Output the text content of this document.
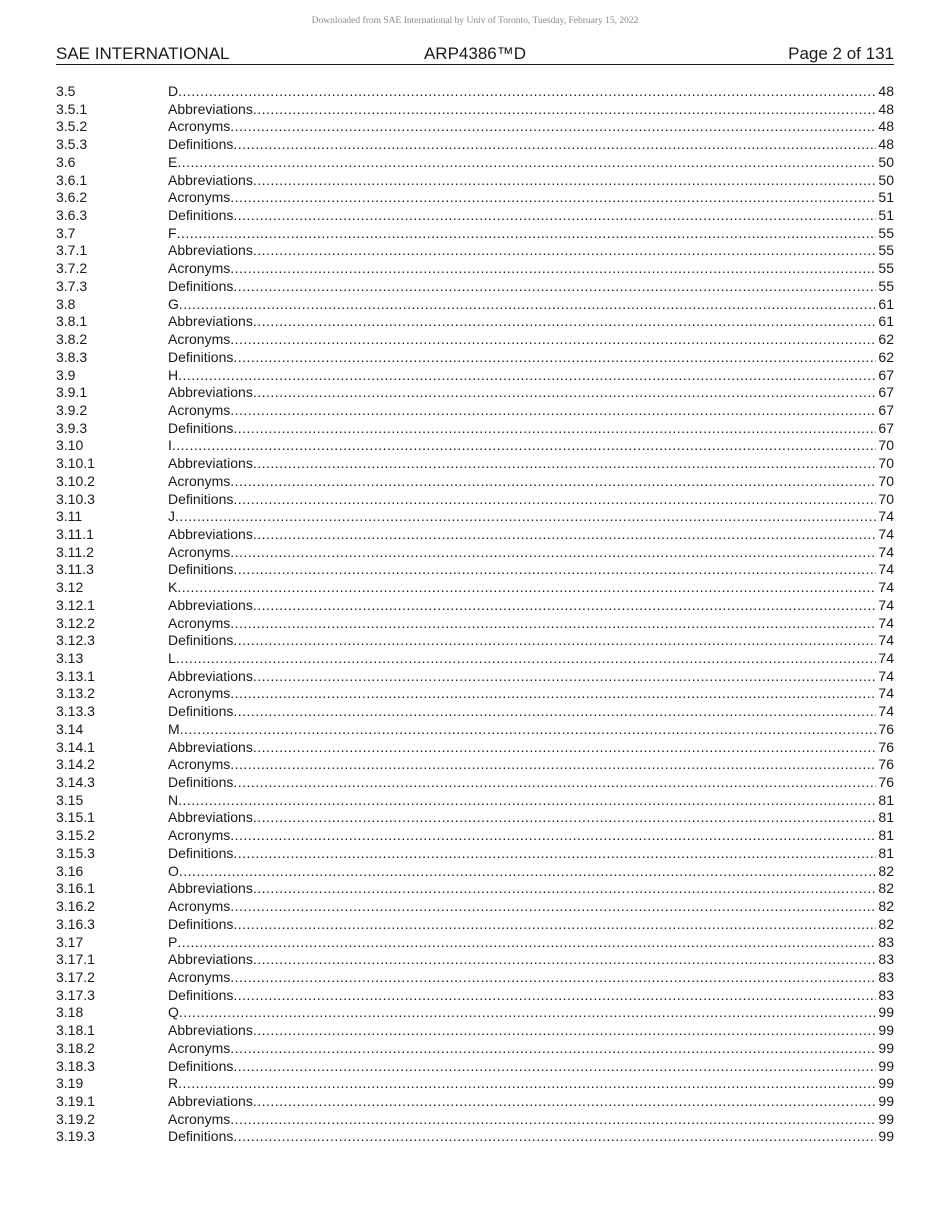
Downloaded from SAE International by Univ of Toronto, Tuesday, February 15, 2022
SAE INTERNATIONAL	ARP4386™D	Page 2 of 131
3.5	D .....	48
3.5.1	Abbreviations .....	48
3.5.2	Acronyms .....	48
3.5.3	Definitions .....	48
3.6	E .....	50
3.6.1	Abbreviations .....	50
3.6.2	Acronyms .....	51
3.6.3	Definitions .....	51
3.7	F .....	55
3.7.1	Abbreviations .....	55
3.7.2	Acronyms .....	55
3.7.3	Definitions .....	55
3.8	G .....	61
3.8.1	Abbreviations .....	61
3.8.2	Acronyms .....	62
3.8.3	Definitions .....	62
3.9	H .....	67
3.9.1	Abbreviations .....	67
3.9.2	Acronyms .....	67
3.9.3	Definitions .....	67
3.10	I .....	70
3.10.1	Abbreviations .....	70
3.10.2	Acronyms .....	70
3.10.3	Definitions .....	70
3.11	J .....	74
3.11.1	Abbreviations .....	74
3.11.2	Acronyms .....	74
3.11.3	Definitions .....	74
3.12	K .....	74
3.12.1	Abbreviations .....	74
3.12.2	Acronyms .....	74
3.12.3	Definitions .....	74
3.13	L .....	74
3.13.1	Abbreviations .....	74
3.13.2	Acronyms .....	74
3.13.3	Definitions .....	74
3.14	M .....	76
3.14.1	Abbreviations .....	76
3.14.2	Acronyms .....	76
3.14.3	Definitions .....	76
3.15	N .....	81
3.15.1	Abbreviations .....	81
3.15.2	Acronyms .....	81
3.15.3	Definitions .....	81
3.16	O .....	82
3.16.1	Abbreviations .....	82
3.16.2	Acronyms .....	82
3.16.3	Definitions .....	82
3.17	P .....	83
3.17.1	Abbreviations .....	83
3.17.2	Acronyms .....	83
3.17.3	Definitions .....	83
3.18	Q .....	99
3.18.1	Abbreviations .....	99
3.18.2	Acronyms .....	99
3.18.3	Definitions .....	99
3.19	R .....	99
3.19.1	Abbreviations .....	99
3.19.2	Acronyms .....	99
3.19.3	Definitions .....	99
